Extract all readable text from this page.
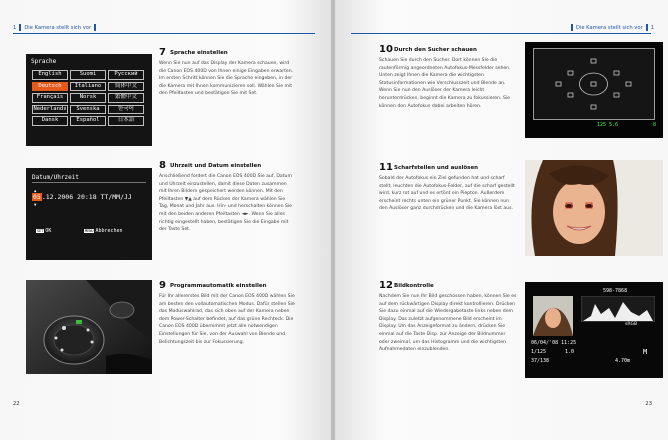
1 Die Kamera stellt sich vor
Sprache
English	Suomi	Русский
Deutsch	Italiano	简体中文
Français	Norsk	繁體中文
Nederlands	Svenska	한국어
Dansk	Español	日本語
7 Sprache einstellen

Wenn Sie nun auf das Display der Kamera schauen, wird die Canon EOS 400D von Ihnen einige Eingaben erwarten. Im ersten Schritt können Sie die Sprache eingeben, in der die Kamera mit Ihnen kommunizieren soll. Wählen Sie mit den Pfeiltasten und bestätigen Sie mit Set.

Datum/Uhrzeit
▲
05.12.2006 20:18 TT/MM/JJ
▼
SET OK	MENU Abbrechen
8 Uhrzeit und Datum einstellen

Anschließend fordert die Canon EOS 400D Sie auf, Datum und Uhrzeit einzustellen, damit diese Daten zusammen mit Ihren Bildern gespeichert werden können. Mit den Pfeiltasten ▼▲ auf dem Rücken der Kamera wählen Sie Tag, Monat und Jahr aus. Hin- und herschalten können Sie mit den beiden anderen Pfeiltasten ◄►. Wenn Sie alles richtig eingestellt haben, bestätigen Sie die Eingabe mit der Taste Set.

9 Programmautomatik einstellen

Für Ihr allererstes Bild mit der Canon EOS 400D wählen Sie am besten den vollautomatischen Modus. Dafür stellen Sie das Moduswahlrad, das sich oben auf der Kamera neben dem Power-Schalter befindet, auf das grüne Rechteck. Die Canon EOS 400D übernimmt jetzt alle notwendigen Einstellungen für Sie, von der Auswahl von Blende und Belichtungszeit bis zur Fokussierung.

22
Die Kamera stellt sich vor 1
10 Durch den Sucher schauen

Schauen Sie durch den Sucher. Dort können Sie die rautenförmig angeordneten Autofokus-Messfelder sehen. Unten zeigt Ihnen die Kamera die wichtigsten Statusinformationen wie Verschlusszeit und Blende an. Wenn Sie nun den Auslöser der Kamera leicht herunterdrücken, beginnt die Kamera zu fokussieren. Sie können den Autofokus dabei arbeiten hören.

125 5.6	8
11 Scharfstellen und auslösen

Sobald der Autofokus ein Ziel gefunden hat und scharf stellt, leuchten die Autofokus-Felder, auf die scharf gestellt wird, kurz rot auf und es ertönt ein Piepton. Außerdem erscheint rechts unten ein grüner Punkt. Sie können nun den Auslöser ganz durchdrücken und die Kamera löst aus.

12 Bildkontrolle

Nachdem Sie nun Ihr Bild geschossen haben, können Sie es auf dem rückwärtigen Display direkt kontrollieren. Drücken Sie dazu einmal auf die Wiedergabetaste links neben dem Display. Das zuletzt aufgenommene Bild erscheint im Display. Um das Anzeigeformat zu ändern, drücken Sie einmal auf die Taste Disp. zur Anzeige der Bildnummer oder zweimal, um das Histogramm und die wichtigsten Aufnahmedaten einzublenden.

598-7868
sRGB
06/04/'08 11:25
1/125	1.0
37/138	4.70m
M
23
